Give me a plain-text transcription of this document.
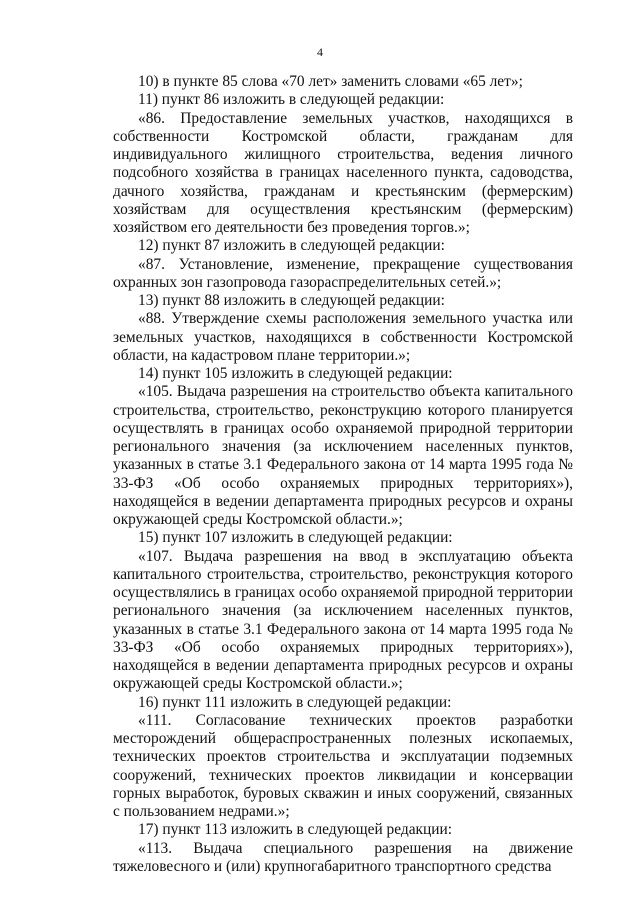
4

10) в пункте 85 слова «70 лет» заменить словами «65 лет»;

11) пункт 86 изложить в следующей редакции:

«86. Предоставление земельных участков, находящихся в собственности Костромской области, гражданам для индивидуального жилищного строительства, ведения личного подсобного хозяйства в границах населенного пункта, садоводства, дачного хозяйства, гражданам и крестьянским (фермерским) хозяйствам для осуществления крестьянским (фермерским) хозяйством его деятельности без проведения торгов.»;

12) пункт 87 изложить в следующей редакции:

«87. Установление, изменение, прекращение существования охранных зон газопровода газораспределительных сетей.»;

13) пункт 88 изложить в следующей редакции:

«88. Утверждение схемы расположения земельного участка или земельных участков, находящихся в собственности Костромской области, на кадастровом плане территории.»;

14) пункт 105 изложить в следующей редакции:

«105. Выдача разрешения на строительство объекта капитального строительства, строительство, реконструкцию которого планируется осуществлять в границах особо охраняемой природной территории регионального значения (за исключением населенных пунктов, указанных в статье 3.1 Федерального закона от 14 марта 1995 года № 33-ФЗ «Об особо охраняемых природных территориях»), находящейся в ведении департамента природных ресурсов и охраны окружающей среды Костромской области.»;

15) пункт 107 изложить в следующей редакции:

«107. Выдача разрешения на ввод в эксплуатацию объекта капитального строительства, строительство, реконструкция которого осуществлялись в границах особо охраняемой природной территории регионального значения (за исключением населенных пунктов, указанных в статье 3.1 Федерального закона от 14 марта 1995 года № 33-ФЗ «Об особо охраняемых природных территориях»), находящейся в ведении департамента природных ресурсов и охраны окружающей среды Костромской области.»;

16) пункт 111 изложить в следующей редакции:

«111. Согласование технических проектов разработки месторождений общераспространенных полезных ископаемых, технических проектов строительства и эксплуатации подземных сооружений, технических проектов ликвидации и консервации горных выработок, буровых скважин и иных сооружений, связанных с пользованием недрами.»;

17) пункт 113 изложить в следующей редакции:

«113. Выдача специального разрешения на движение тяжеловесного и (или) крупногабаритного транспортного средства
